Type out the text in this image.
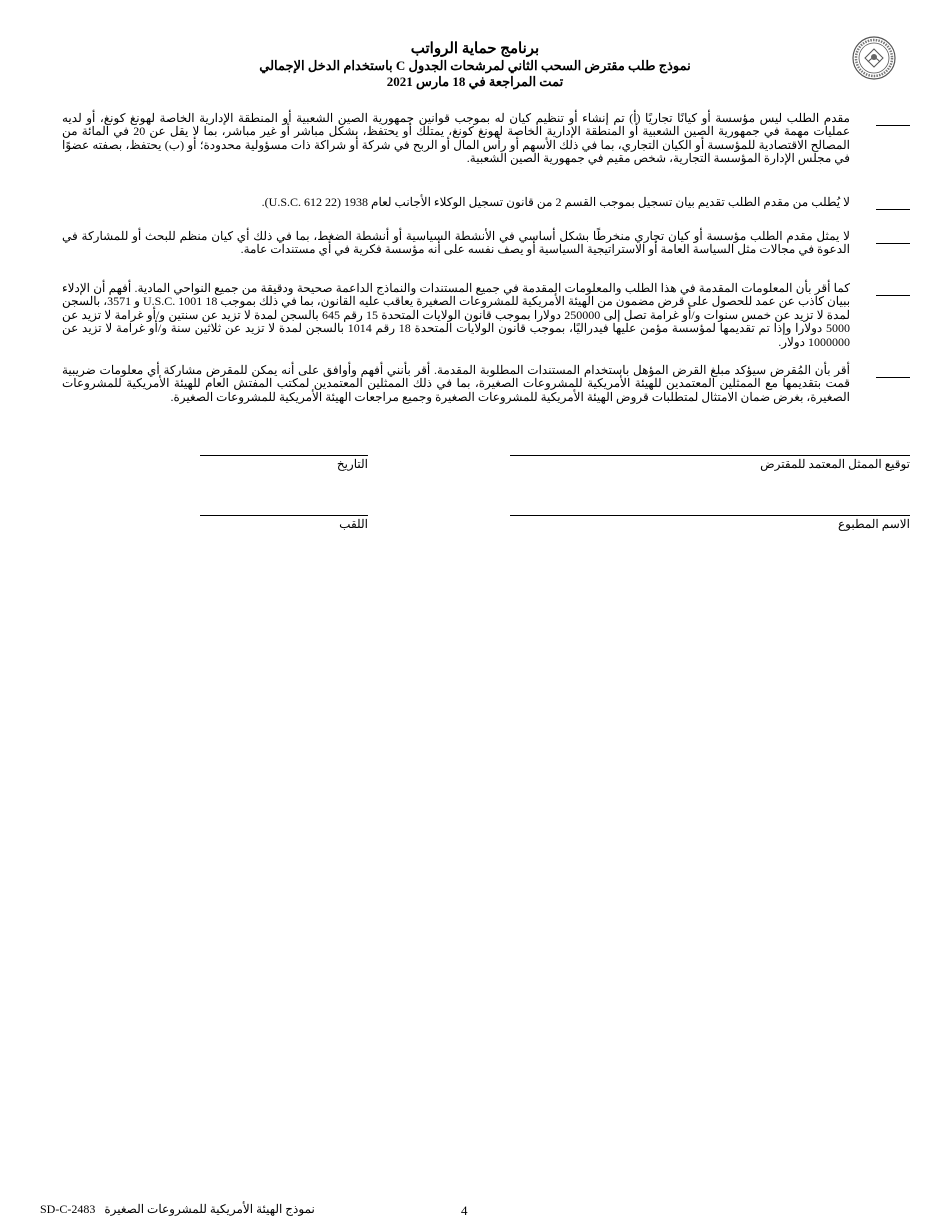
برنامج حماية الرواتب
نموذج طلب مقترض السحب الثاني لمرشحات الجدول C باستخدام الدخل الإجمالي
تمت المراجعة في 18 مارس 2021
مقدم الطلب ليس مؤسسة أو كيانًا تجاريًا (أ) تم إنشاء أو تنظيم كيان له بموجب قوانين جمهورية الصين الشعبية أو المنطقة الإدارية الخاصة لهونغ كونغ، أو لديه عمليات مهمة في جمهورية الصين الشعبية أو المنطقة الإدارية الخاصة لهونغ كونغ، يمتلك أو يحتفظ، بشكل مباشر أو غير مباشر، بما لا يقل عن 20 في المائة من المصالح الاقتصادية للمؤسسة أو الكيان التجاري، بما في ذلك الأسهم أو رأس المال أو الربح في شركة أو شراكة ذات مسؤولية محدودة؛ أو (ب) يحتفظ، بصفته عضوًا في مجلس الإدارة المؤسسة التجارية، شخص مقيم في جمهورية الصين الشعبية.
لا يُطلب من مقدم الطلب تقديم بيان تسجيل بموجب القسم 2 من قانون تسجيل الوكلاء الأجانب لعام 1938 (22 U.S.C. 612).
لا يمثل مقدم الطلب مؤسسة أو كيان تجاري منخرطًا بشكل أساسي في الأنشطة السياسية أو أنشطة الضغط، بما في ذلك أي كيان منظم للبحث أو للمشاركة في الدعوة في مجالات مثل السياسة العامة أو الاستراتيجية السياسية أو يصف نفسه على أنه مؤسسة فكرية في أي مستندات عامة.
كما أقر بأن المعلومات المقدمة في هذا الطلب والمعلومات المقدمة في جميع المستندات والنماذج الداعمة صحيحة ودقيقة من جميع النواحي المادية. أفهم أن الإدلاء ببيان كاذب عن عمد للحصول على قرض مضمون من الهيئة الأمريكية للمشروعات الصغيرة يعاقب عليه القانون، بما في ذلك بموجب 18 U.S.C. 1001 و 3571، بالسجن لمدة لا تزيد عن خمس سنوات و/أو غرامة تصل إلى 250000 دولارا بموجب قانون الولايات المتحدة 15 رقم 645 بالسجن لمدة لا تزيد عن سنتين و/أو غرامة لا تزيد عن 5000 دولارا وإذا تم تقديمها لمؤسسة مؤمن عليها فيدراليًا، بموجب قانون الولايات المتحدة 18 رقم 1014 بالسجن لمدة لا تزيد عن ثلاثين سنة و/أو غرامة لا تزيد عن 1000000 دولار.
أقر بأن المُقرض سيؤكد مبلغ القرض المؤهل باستخدام المستندات المطلوبة المقدمة. أقر بأنني أفهم وأوافق على أنه يمكن للمقرض مشاركة أي معلومات ضريبية قمت بتقديمها مع الممثلين المعتمدين للهيئة الأمريكية للمشروعات الصغيرة، بما في ذلك الممثلين المعتمدين لمكتب المفتش العام للهيئة الأمريكية للمشروعات الصغيرة، بغرض ضمان الامتثال لمتطلبات قروض الهيئة الأمريكية للمشروعات الصغيرة وجميع مراجعات الهيئة الأمريكية للمشروعات الصغيرة.
توقيع الممثل المعتمد للمقترض
التاريخ
الاسم المطبوع
اللقب
نموذج الهيئة الأمريكية للمشروعات الصغيرة   2483-SD-C	4
